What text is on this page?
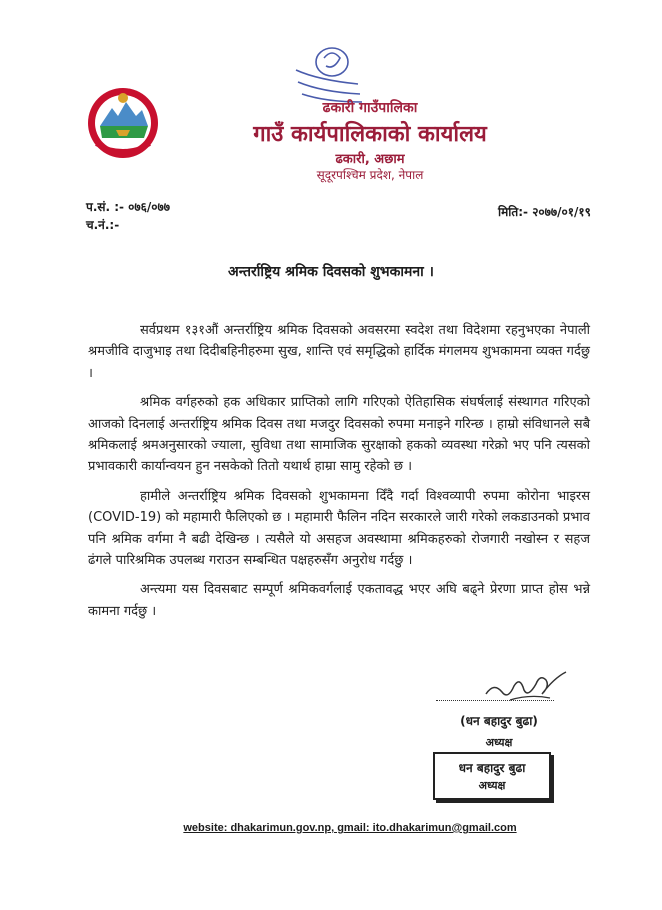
ढकारी गाउँपालिका
गाउँ कार्यपालिकाको कार्यालय
ढकारी, अछाम
सूदूरपश्चिम प्रदेश, नेपाल
प.सं. :- ०७६/०७७
च.नं.:-
मिति:- २०७७/०१/१९
अन्तर्राष्ट्रिय श्रमिक दिवसको शुभकामना ।

सर्वप्रथम १३१औं अन्तर्राष्ट्रिय श्रमिक दिवसको अवसरमा स्वदेश तथा विदेशमा रहनुभएका नेपाली श्रमजीवि दाजुभाइ तथा दिदीबहिनीहरुमा सुख, शान्ति एवं समृद्धिको हार्दिक मंगलमय शुभकामना व्यक्त गर्दछु ।

श्रमिक वर्गहरुको हक अधिकार प्राप्तिको लागि गरिएको ऐतिहासिक संघर्षलाई संस्थागत गरिएको आजको दिनलाई अन्तर्राष्ट्रिय श्रमिक दिवस तथा मजदुर दिवसको रुपमा मनाइने गरिन्छ । हाम्रो संविधानले सबै श्रमिकलाई श्रमअनुसारको ज्याला, सुविधा तथा सामाजिक सुरक्षाको हकको व्यवस्था गरेक्रो भए पनि त्यसको प्रभावकारी कार्यान्वयन हुन नसकेको तितो यथार्थ हाम्रा सामु रहेको छ ।

हामीले अन्तर्राष्ट्रिय श्रमिक दिवसको शुभकामना दिँदै गर्दा विश्वव्यापी रुपमा कोरोना भाइरस (COVID-19) को महामारी फैलिएको छ । महामारी फैलिन नदिन सरकारले जारी गरेको लकडाउनको प्रभाव पनि श्रमिक वर्गमा नै बढी देखिन्छ । त्यसैले यो असहज अवस्थामा श्रमिकहरुको रोजगारी नखोस्न र सहज ढंगले पारिश्रमिक उपलब्ध गराउन सम्बन्धित पक्षहरुसँग अनुरोध गर्दछु ।

अन्त्यमा यस दिवसबाट सम्पूर्ण श्रमिकवर्गलाई एकतावद्ध भएर अघि बढ्ने प्रेरणा प्राप्त होस भन्ने कामना गर्दछु ।

(धन बहादुर बुढा)
अध्यक्ष
धन बहादुर बुढा
अध्यक्ष
website: dhakarimun.gov.np, gmail: ito.dhakarimun@gmail.com
